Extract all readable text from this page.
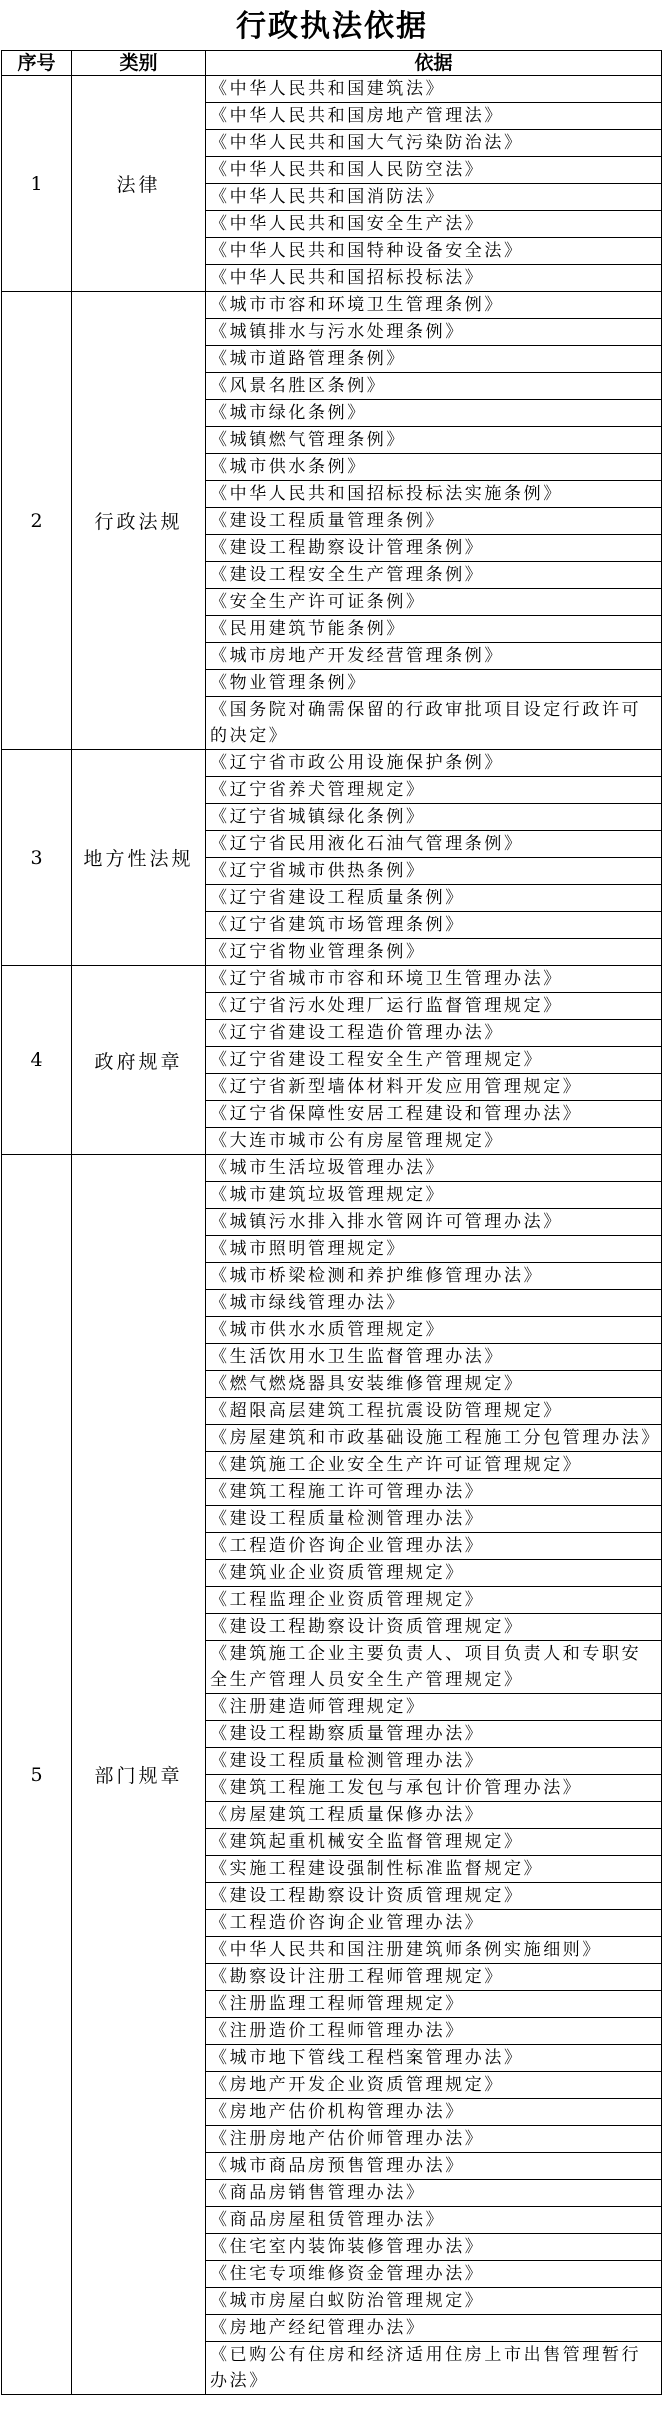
行政执法依据
序号	类别	依据
1	法律	《中华人民共和国建筑法》
		《中华人民共和国房地产管理法》
		《中华人民共和国大气污染防治法》
		《中华人民共和国人民防空法》
		《中华人民共和国消防法》
		《中华人民共和国安全生产法》
		《中华人民共和国特种设备安全法》
		《中华人民共和国招标投标法》
2	行政法规	《城市市容和环境卫生管理条例》
		《城镇排水与污水处理条例》
		《城市道路管理条例》
		《风景名胜区条例》
		《城市绿化条例》
		《城镇燃气管理条例》
		《城市供水条例》
		《中华人民共和国招标投标法实施条例》
		《建设工程质量管理条例》
		《建设工程勘察设计管理条例》
		《建设工程安全生产管理条例》
		《安全生产许可证条例》
		《民用建筑节能条例》
		《城市房地产开发经营管理条例》
		《物业管理条例》
		《国务院对确需保留的行政审批项目设定行政许可的决定》
3	地方性法规	《辽宁省市政公用设施保护条例》
		《辽宁省养犬管理规定》
		《辽宁省城镇绿化条例》
		《辽宁省民用液化石油气管理条例》
		《辽宁省城市供热条例》
		《辽宁省建设工程质量条例》
		《辽宁省建筑市场管理条例》
		《辽宁省物业管理条例》
4	政府规章	《辽宁省城市市容和环境卫生管理办法》
		《辽宁省污水处理厂运行监督管理规定》
		《辽宁省建设工程造价管理办法》
		《辽宁省建设工程安全生产管理规定》
		《辽宁省新型墙体材料开发应用管理规定》
		《辽宁省保障性安居工程建设和管理办法》
		《大连市城市公有房屋管理规定》
5	部门规章	《城市生活垃圾管理办法》
		《城市建筑垃圾管理规定》
		《城镇污水排入排水管网许可管理办法》
		《城市照明管理规定》
		《城市桥梁检测和养护维修管理办法》
		《城市绿线管理办法》
		《城市供水水质管理规定》
		《生活饮用水卫生监督管理办法》
		《燃气燃烧器具安装维修管理规定》
		《超限高层建筑工程抗震设防管理规定》
		《房屋建筑和市政基础设施工程施工分包管理办法》
		《建筑施工企业安全生产许可证管理规定》
		《建筑工程施工许可管理办法》
		《建设工程质量检测管理办法》
		《工程造价咨询企业管理办法》
		《建筑业企业资质管理规定》
		《工程监理企业资质管理规定》
		《建设工程勘察设计资质管理规定》
		《建筑施工企业主要负责人、项目负责人和专职安全生产管理人员安全生产管理规定》
		《注册建造师管理规定》
		《建设工程勘察质量管理办法》
		《建设工程质量检测管理办法》
		《建筑工程施工发包与承包计价管理办法》
		《房屋建筑工程质量保修办法》
		《建筑起重机械安全监督管理规定》
		《实施工程建设强制性标准监督规定》
		《建设工程勘察设计资质管理规定》
		《工程造价咨询企业管理办法》
		《中华人民共和国注册建筑师条例实施细则》
		《勘察设计注册工程师管理规定》
		《注册监理工程师管理规定》
		《注册造价工程师管理办法》
		《城市地下管线工程档案管理办法》
		《房地产开发企业资质管理规定》
		《房地产估价机构管理办法》
		《注册房地产估价师管理办法》
		《城市商品房预售管理办法》
		《商品房销售管理办法》
		《商品房屋租赁管理办法》
		《住宅室内装饰装修管理办法》
		《住宅专项维修资金管理办法》
		《城市房屋白蚁防治管理规定》
		《房地产经纪管理办法》
		《已购公有住房和经济适用住房上市出售管理暂行办法》
